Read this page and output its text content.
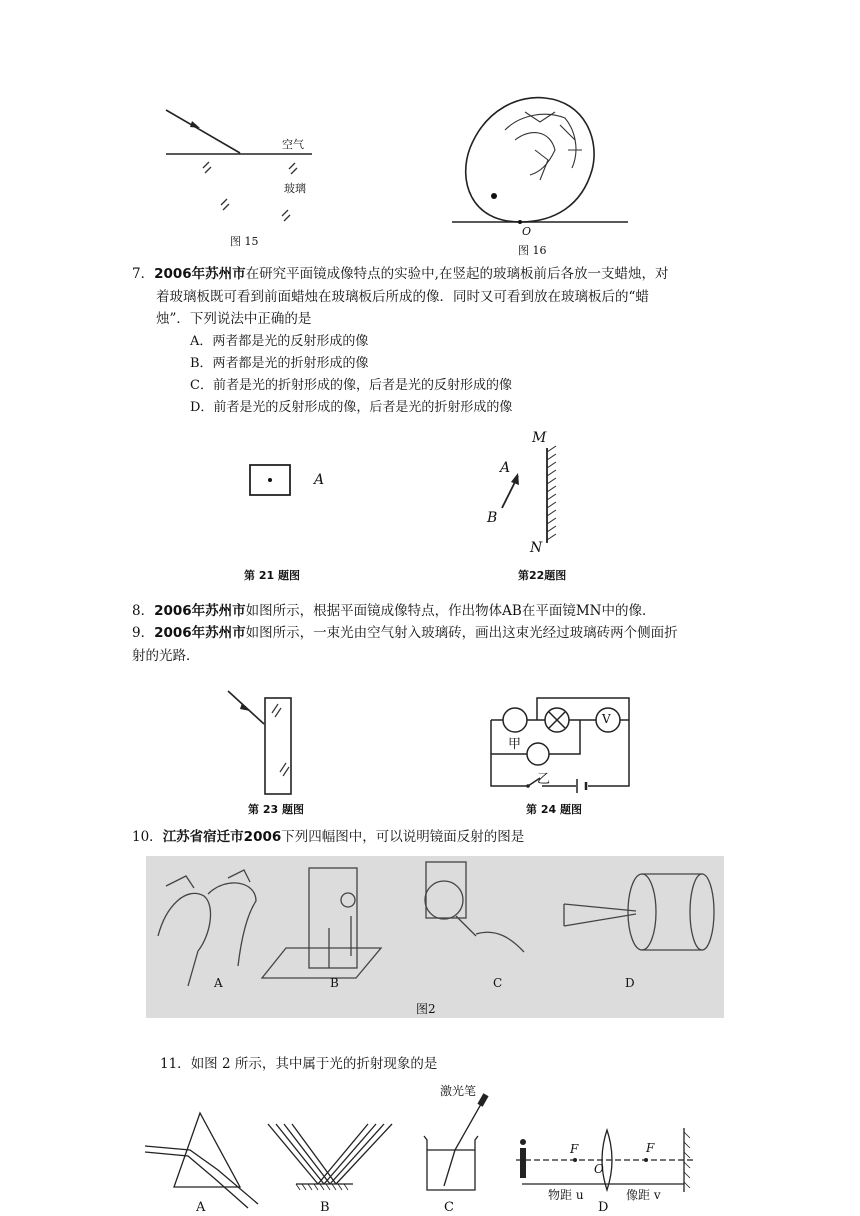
空气
玻璃
图 15
O
图 16
7．2006年苏州市在研究平面镜成像特点的实验中,在竖起的玻璃板前后各放一支蜡烛，对
着玻璃板既可看到前面蜡烛在玻璃板后所成的像．同时又可看到放在玻璃板后的“蜡
烛”．下列说法中正确的是
A．两者都是光的反射形成的像
B．两者都是光的折射形成的像
C．前者是光的折射形成的像，后者是光的反射形成的像
D．前者是光的反射形成的像，后者是光的折射形成的像
A
第 21 题图
M
N
A
B
第22题图
8．2006年苏州市如图所示，根据平面镜成像特点，作出物体AB在平面镜MN中的像．
9．2006年苏州市如图所示，一束光由空气射入玻璃砖，画出这束光经过玻璃砖两个侧面折
射的光路．
第 23 题图
V
甲
乙
第 24 题图
10．江苏省宿迁市2006下列四幅图中，可以说明镜面反射的图是
A	B	C	D
图2
11．如图 2 所示，其中属于光的折射现象的是
激光笔
F	F
O
物距 u	像距 v
A	B	C	D
